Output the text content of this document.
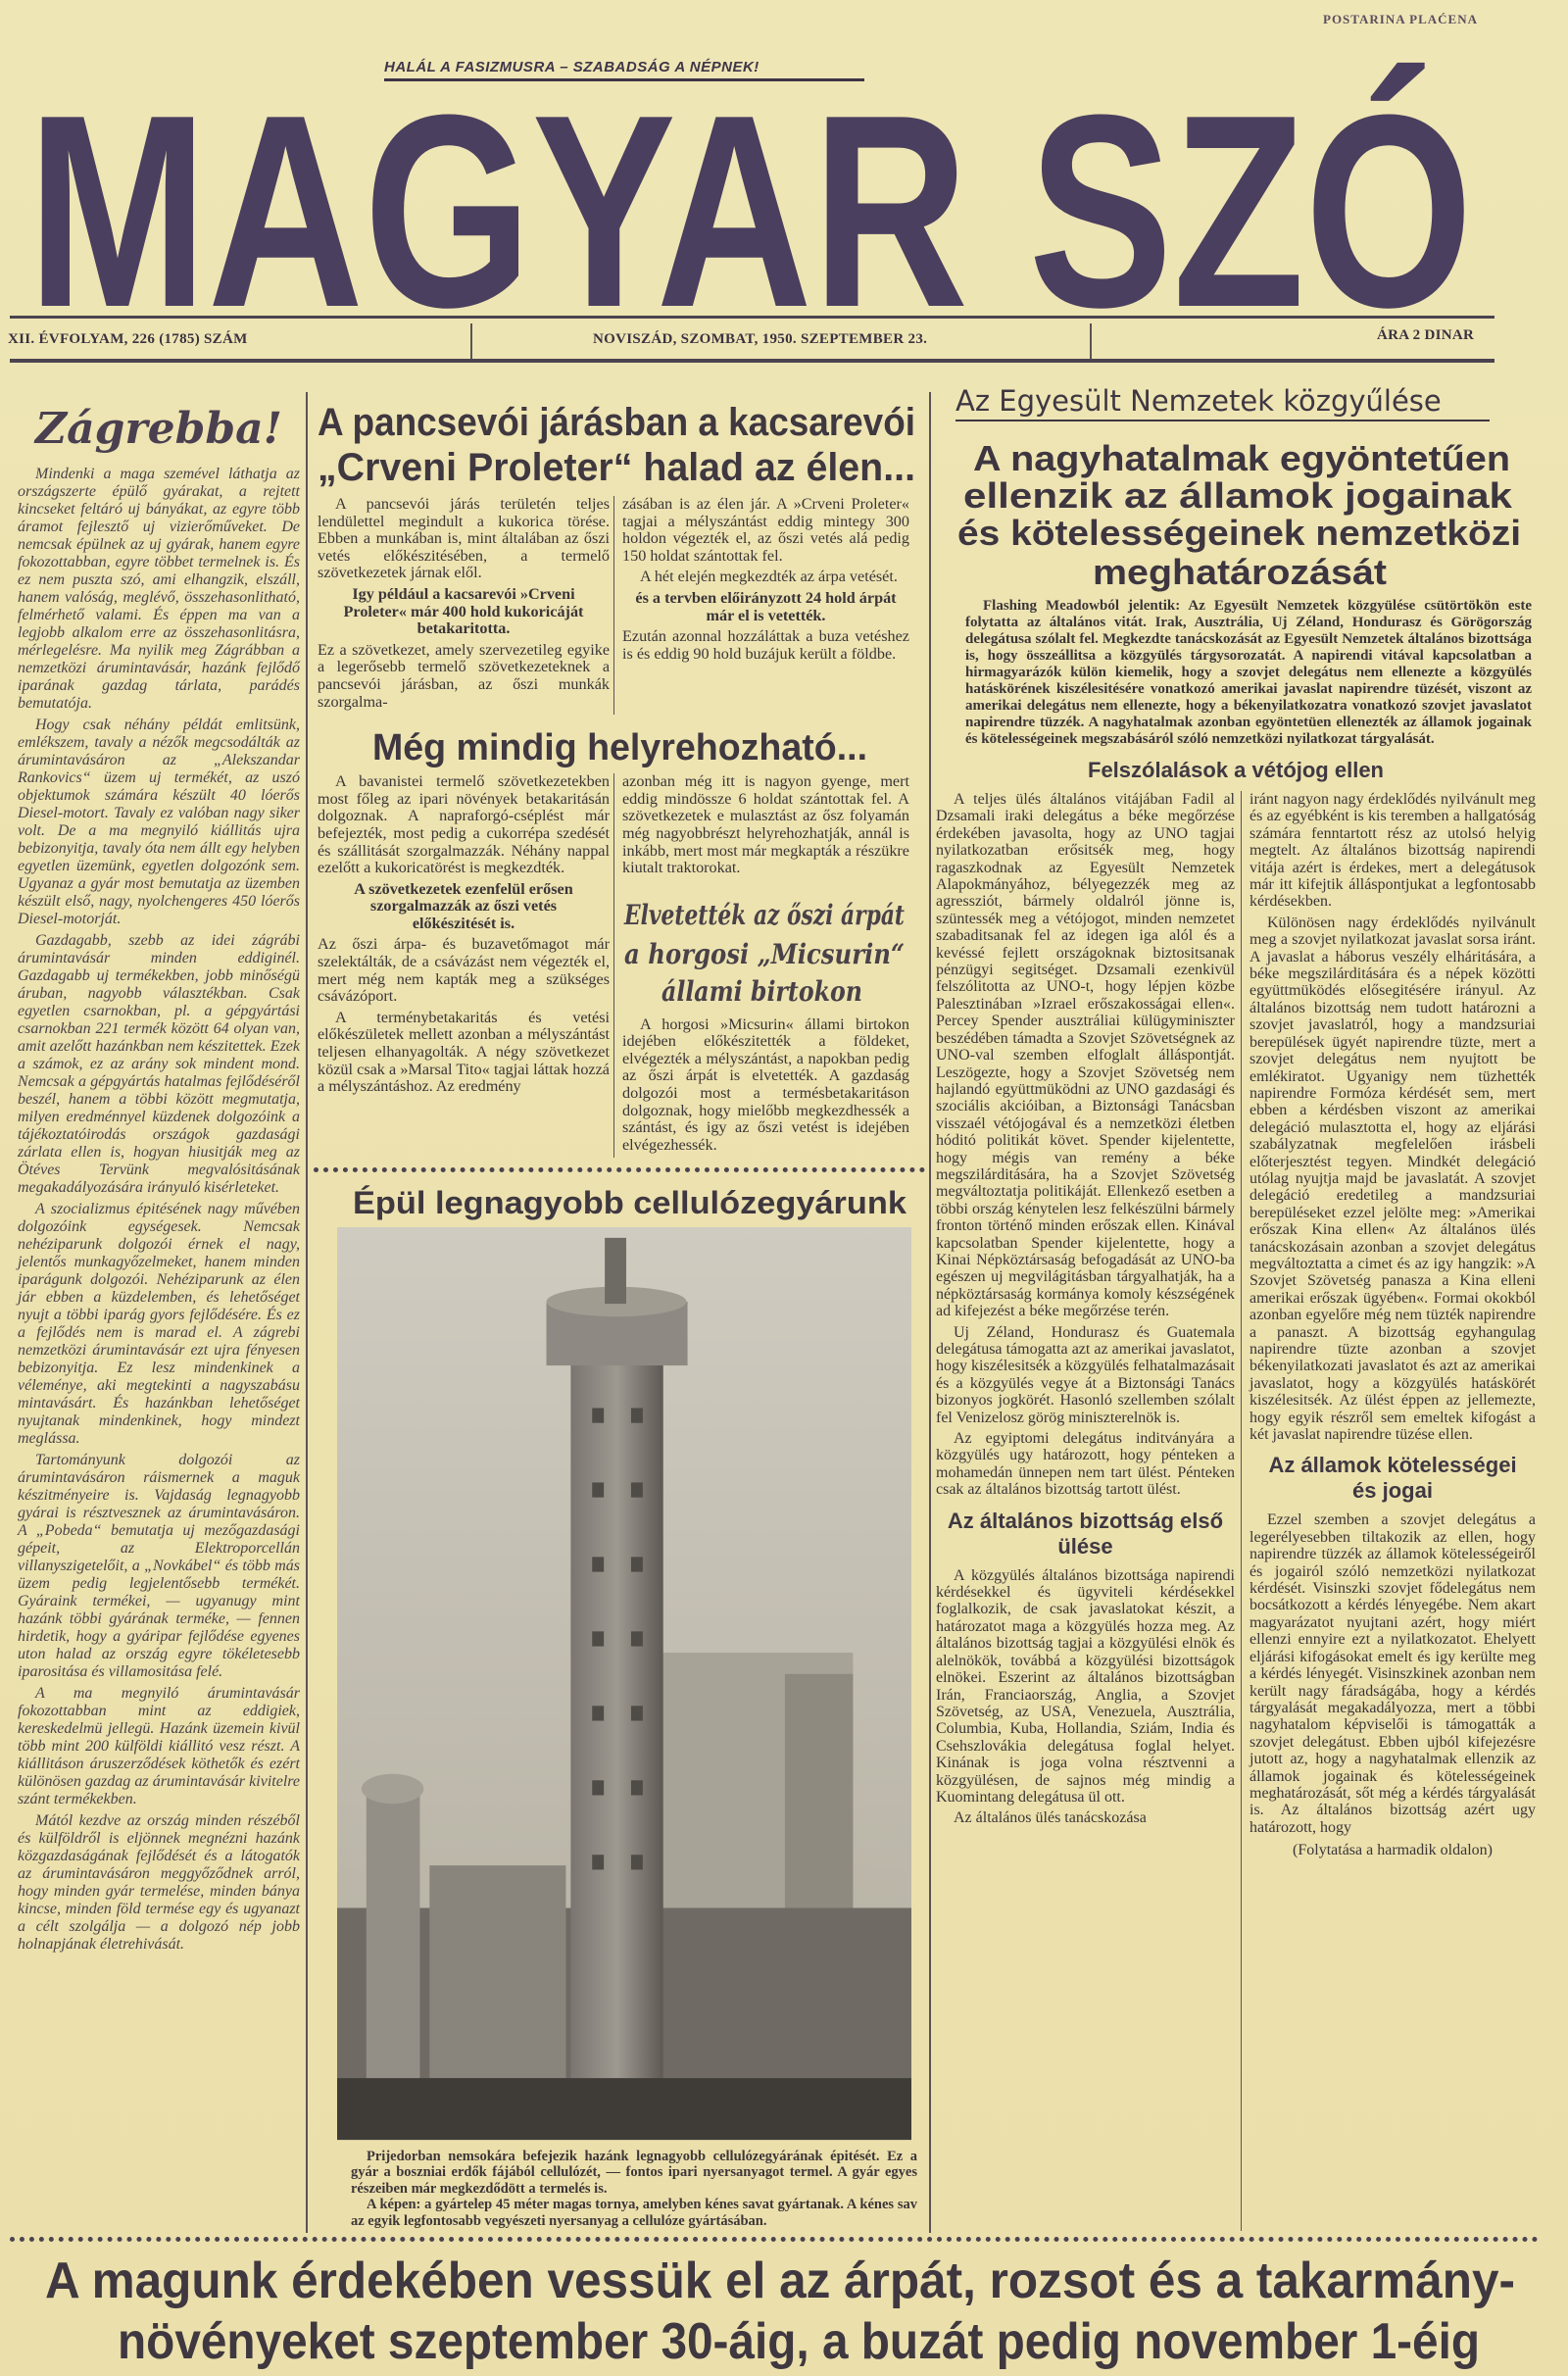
POSTARINA PLAĆENA
HALÁL A FASIZMUSRA – SZABADSÁG A NÉPNEK!
MAGYAR SZÓ
XII. ÉVFOLYAM, 226 (1785) SZÁM	NOVISZÁD, SZOMBAT, 1950. SZEPTEMBER 23.	ÁRA 2 DINAR
Zágrebba!

Mindenki a maga szemével láthatja az országszerte épülő gyárakat, a rejtett kincseket feltáró uj bányákat, az egyre több áramot fejlesztő uj vizierőműveket. De nemcsak épülnek az uj gyárak, hanem egyre fokozottabban, egyre többet termelnek is. És ez nem puszta szó, ami elhangzik, elszáll, hanem valóság, meglévő, összehasonlitható, felmérhető valami. És éppen ma van a legjobb alkalom erre az összehasonlitásra, mérlegelésre. Ma nyilik meg Zágrábban a nemzetközi árumintavásár, hazánk fejlődő iparának gazdag tárlata, parádés bemutatója.

Hogy csak néhány példát emlitsünk, emlékszem, tavaly a nézők megcsodálták az árumintavásáron az „Alekszandar Rankovics“ üzem uj termékét, az uszó objektumok számára készült 40 lóerős Diesel-motort. Tavaly ez valóban nagy siker volt. De a ma megnyiló kiállitás ujra bebizonyitja, tavaly óta nem állt egy helyben egyetlen üzemünk, egyetlen dolgozónk sem. Ugyanaz a gyár most bemutatja az üzemben készült első, nagy, nyolchengeres 450 lóerős Diesel-motorját.

Gazdagabb, szebb az idei zágrábi árumintavásár minden eddiginél. Gazdagabb uj termékekben, jobb minőségü áruban, nagyobb választékban. Csak egyetlen csarnokban, pl. a gépgyártási csarnokban 221 termék között 64 olyan van, amit azelőtt hazánkban nem készitettek. Ezek a számok, ez az arány sok mindent mond. Nemcsak a gépgyártás hatalmas fejlődéséről beszél, hanem a többi között megmutatja, milyen eredménnyel küzdenek dolgozóink a tájékoztatóirodás országok gazdasági zárlata ellen is, hogyan hiusitják meg az Ötéves Tervünk megvalósitásának megakadályozására irányuló kisérleteket.

A szocializmus épitésének nagy művében dolgozóink egységesek. Nemcsak nehéziparunk dolgozói érnek el nagy, jelentős munkagyőzelmeket, hanem minden iparágunk dolgozói. Nehéziparunk az élen jár ebben a küzdelemben, és lehetőséget nyujt a többi iparág gyors fejlődésére. És ez a fejlődés nem is marad el. A zágrebi nemzetközi árumintavásár ezt ujra fényesen bebizonyitja. Ez lesz mindenkinek a véleménye, aki megtekinti a nagyszabásu mintavásárt. És hazánkban lehetőséget nyujtanak mindenkinek, hogy mindezt meglássa.

Tartományunk dolgozói az árumintavásáron ráismernek a maguk készitményeire is. Vajdaság legnagyobb gyárai is résztvesznek az árumintavásáron. A „Pobeda“ bemutatja uj mezőgazdasági gépeit, az Elektroporcellán villanyszigetelőit, a „Novkábel“ és több más üzem pedig legjelentősebb termékét. Gyáraink termékei, — ugyanugy mint hazánk többi gyárának terméke, — fennen hirdetik, hogy a gyáripar fejlődése egyenes uton halad az ország egyre tökéletesebb iparositása és villamositása felé.

A ma megnyiló árumintavásár fokozottabban mint az eddigiek, kereskedelmü jellegü. Hazánk üzemein kivül több mint 200 külföldi kiállitó vesz részt. A kiállitáson áruszerződések köthetők és ezért különösen gazdag az árumintavásár kivitelre szánt termékekben.

Mától kezdve az ország minden részéből és külföldről is eljönnek megnézni hazánk közgazdaságának fejlődését és a látogatók az árumintavásáron meggyőződnek arról, hogy minden gyár termelése, minden bánya kincse, minden föld termése egy és ugyanazt a célt szolgálja — a dolgozó nép jobb holnapjának életrehivását.

A pancsevói járásban a kacsarevói
„Crveni Proleter“ halad az élen...

A pancsevói járás területén teljes lendülettel megindult a kukorica törése. Ebben a munkában is, mint általában az őszi vetés előkészitésében, a termelő szövetkezetek járnak elől.

Igy például a kacsarevói »Crveni Proleter« már 400 hold kukoricáját betakaritotta.

Ez a szövetkezet, amely szervezetileg egyike a legerősebb termelő szövetkezeteknek a pancsevói járásban, az őszi munkák szorgalma-

zásában is az élen jár. A »Crveni Proleter« tagjai a mélyszántást eddig mintegy 300 holdon végezték el, az őszi vetés alá pedig 150 holdat szántottak fel.

A hét elején megkezdték az árpa vetését.

és a tervben előirányzott 24 hold árpát már el is vetették.

Ezután azonnal hozzáláttak a buza vetéshez is és eddig 90 hold buzájuk került a földbe.

Még mindig helyrehozható...

A bavanistei termelő szövetkezetekben most főleg az ipari növények betakaritásán dolgoznak. A napraforgó-cséplést már befejezték, most pedig a cukorrépa szedését és szállitását szorgalmazzák. Néhány nappal ezelőtt a kukoricatörést is megkezdték.

A szövetkezetek ezenfelül erősen szorgalmazzák az őszi vetés előkészitését is.

Az őszi árpa- és buzavetőmagot már szelektálták, de a csávázást nem végezték el, mert még nem kapták meg a szükséges csávázóport.

A terménybetakaritás és vetési előkészületek mellett azonban a mélyszántást teljesen elhanyagolták. A négy szövetkezet közül csak a »Marsal Tito« tagjai láttak hozzá a mélyszántáshoz. Az eredmény

azonban még itt is nagyon gyenge, mert eddig mindössze 6 holdat szántottak fel. A szövetkezetek e mulasztást az ősz folyamán még nagyobbrészt helyrehozhatják, annál is inkább, mert most már megkapták a részükre kiutalt traktorokat.

Elvetették az őszi árpát
a horgosi „Micsurin“
állami birtokon

A horgosi »Micsurin« állami birtokon idejében előkészitették a földeket, elvégezték a mélyszántást, a napokban pedig az őszi árpát is elvetették. A gazdaság dolgozói most a termésbetakaritáson dolgoznak, hogy mielőbb megkezdhessék a szántást, és igy az őszi vetést is idejében elvégezhessék.

Épül legnagyobb cellulózegyárunk

Prijedorban nemsokára befejezik hazánk legnagyobb cellulózegyárának épitését. Ez a gyár a boszniai erdők fájából cellulózét, — fontos ipari nyersanyagot termel. A gyár egyes részeiben már megkezdődött a termelés is.

A képen: a gyártelep 45 méter magas tornya, amelyben kénes savat gyártanak. A kénes sav az egyik legfontosabb vegyészeti nyersanyag a cellulóze gyártásában.

Az Egyesült Nemzetek közgyűlése
A nagyhatalmak egyöntetűen
ellenzik az államok jogainak
és kötelességeinek nemzetközi
meghatározását

Flashing Meadowból jelentik: Az Egyesült Nemzetek közgyülése csütörtökön este folytatta az általános vitát. Irak, Ausztrália, Uj Zéland, Hondurasz és Görögország delegátusa szólalt fel. Megkezdte tanácskozását az Egyesült Nemzetek általános bizottsága is, hogy összeállitsa a közgyülés tárgysorozatát. A napirendi vitával kapcsolatban a hirmagyarázók külön kiemelik, hogy a szovjet delegátus nem ellenezte a közgyülés hatáskörének kiszélesitésére vonatkozó amerikai javaslat napirendre tüzését, viszont az amerikai delegátus nem ellenezte, hogy a békenyilatkozatra vonatkozó szovjet javaslatot napirendre tüzzék. A nagyhatalmak azonban egyöntetüen ellenezték az államok jogainak és kötelességeinek megszabásáról szóló nemzetközi nyilatkozat tárgyalását.

Felszólalások a vétójog ellen

A teljes ülés általános vitájában Fadil al Dzsamali iraki delegátus a béke megőrzése érdekében javasolta, hogy az UNO tagjai nyilatkozatban erősitsék meg, hogy ragaszkodnak az Egyesült Nemzetek Alapokmányához, bélyegezzék meg az agressziót, bármely oldalról jönne is, szüntessék meg a vétójogot, minden nemzetet szabaditsanak fel az idegen iga alól és a kevéssé fejlett országoknak biztositsanak pénzügyi segitséget. Dzsamali ezenkivül felszólitotta az UNO-t, hogy lépjen közbe Palesztinában »Izrael erőszakosságai ellen«. Percey Spender ausztráliai külügyminiszter beszédében támadta a Szovjet Szövetségnek az UNO-val szemben elfoglalt álláspontját. Leszögezte, hogy a Szovjet Szövetség nem hajlandó együttmüködni az UNO gazdasági és szociális akcióiban, a Biztonsági Tanácsban visszaél vétójogával és a nemzetközi életben hóditó politikát követ. Spender kijelentette, hogy mégis van remény a béke megszilárditására, ha a Szovjet Szövetség megváltoztatja politikáját. Ellenkező esetben a többi ország kénytelen lesz felkészülni bármely fronton történő minden erőszak ellen. Kinával kapcsolatban Spender kijelentette, hogy a Kinai Népköztársaság befogadását az UNO-ba egészen uj megvilágitásban tárgyalhatják, ha a népköztársaság kormánya komoly készségének ad kifejezést a béke megőrzése terén.

Uj Zéland, Hondurasz és Guatemala delegátusa támogatta azt az amerikai javaslatot, hogy kiszélesitsék a közgyülés felhatalmazásait és a közgyülés vegye át a Biztonsági Tanács bizonyos jogkörét. Hasonló szellemben szólalt fel Venizelosz görög miniszterelnök is.

Az egyiptomi delegátus inditványára a közgyülés ugy határozott, hogy pénteken a mohamedán ünnepen nem tart ülést. Pénteken csak az általános bizottság tartott ülést.

Az általános bizottság első ülése

A közgyülés általános bizottsága napirendi kérdésekkel és ügyviteli kérdésekkel foglalkozik, de csak javaslatokat készit, a határozatot maga a közgyülés hozza meg. Az általános bizottság tagjai a közgyülési elnök és alelnökök, továbbá a közgyülési bizottságok elnökei. Eszerint az általános bizottságban Irán, Franciaország, Anglia, a Szovjet Szövetség, az USA, Venezuela, Ausztrália, Columbia, Kuba, Hollandia, Sziám, India és Csehszlovákia delegátusa foglal helyet. Kinának is joga volna résztvenni a közgyülésen, de sajnos még mindig a Kuomintang delegátusa ül ott.

Az általános ülés tanácskozása

iránt nagyon nagy érdeklődés nyilvánult meg és az egyébként is kis teremben a hallgatóság számára fenntartott rész az utolsó helyig megtelt. Az általános bizottság napirendi vitája azért is érdekes, mert a delegátusok már itt kifejtik álláspontjukat a legfontosabb kérdésekben.

Különösen nagy érdeklődés nyilvánult meg a szovjet nyilatkozat javaslat sorsa iránt. A javaslat a háborus veszély elháritására, a béke megszilárditására és a népek közötti együttmüködés elősegitésére irányul. Az általános bizottság nem tudott határozni a szovjet javaslatról, hogy a mandzsuriai berepülések ügyét napirendre tüzte, mert a szovjet delegátus nem nyujtott be emlékiratot. Ugyanigy nem tüzhették napirendre Formóza kérdését sem, mert ebben a kérdésben viszont az amerikai delegáció mulasztotta el, hogy az eljárási szabályzatnak megfelelően irásbeli előterjesztést tegyen. Mindkét delegáció utólag nyujtja majd be javaslatát. A szovjet delegáció eredetileg a mandzsuriai berepüléseket ezzel jelölte meg: »Amerikai erőszak Kina ellen« Az általános ülés tanácskozásain azonban a szovjet delegátus megváltoztatta a cimet és az igy hangzik: »A Szovjet Szövetség panasza a Kina elleni amerikai erőszak ügyében«. Formai okokból azonban egyelőre még nem tüzték napirendre a panaszt. A bizottság egyhangulag napirendre tüzte azonban a szovjet békenyilatkozati javaslatot és azt az amerikai javaslatot, hogy a közgyülés hatáskörét kiszélesitsék. Az ülést éppen az jellemezte, hogy egyik részről sem emeltek kifogást a két javaslat napirendre tüzése ellen.

Az államok kötelességei
és jogai

Ezzel szemben a szovjet delegátus a legerélyesebben tiltakozik az ellen, hogy napirendre tüzzék az államok kötelességeiről és jogairól szóló nemzetközi nyilatkozat kérdését. Visinszki szovjet fődelegátus nem bocsátkozott a kérdés lényegébe. Nem akart magyarázatot nyujtani azért, hogy miért ellenzi ennyire ezt a nyilatkozatot. Ehelyett eljárási kifogásokat emelt és igy kerülte meg a kérdés lényegét. Visinszkinek azonban nem került nagy fáradságába, hogy a kérdés tárgyalását megakadályozza, mert a többi nagyhatalom képviselői is támogatták a szovjet delegátust. Ebben ujból kifejezésre jutott az, hogy a nagyhatalmak ellenzik az államok jogainak és kötelességeinek meghatározását, sőt még a kérdés tárgyalását is. Az általános bizottság azért ugy határozott, hogy

(Folytatása a harmadik oldalon)
A magunk érdekében vessük el az árpát, rozsot és a takarmány-
növényeket szeptember 30-áig, a buzát pedig november 1-éig
